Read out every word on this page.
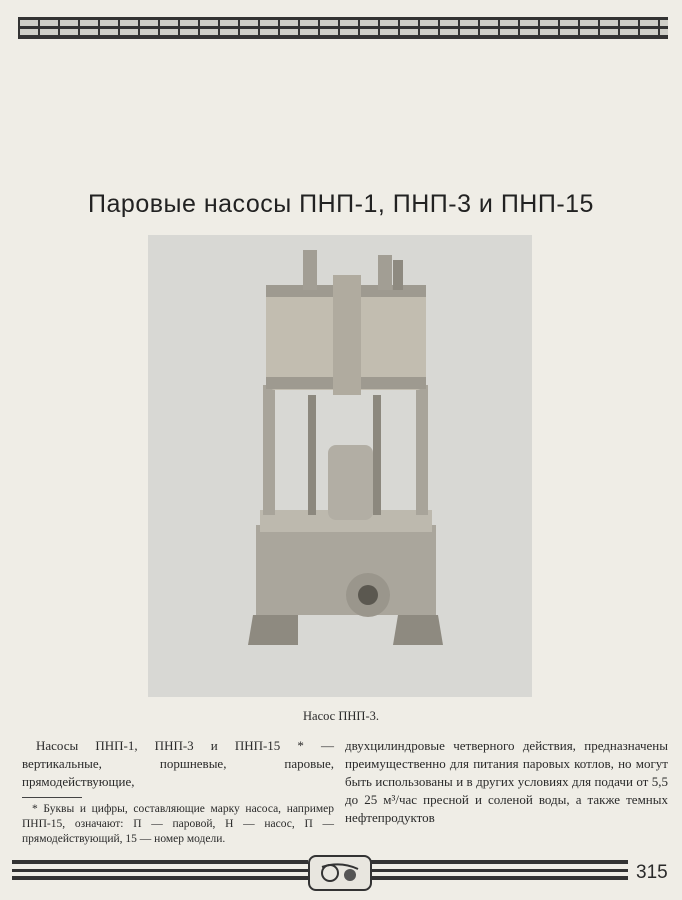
Паровые насосы ПНП-1, ПНП-3 и ПНП-15
Насос ПНП-3.
Насосы ПНП-1, ПНП-3 и ПНП-15 * — вертикальные, поршневые, паровые, прямодействующие,
* Буквы и цифры, составляющие марку насоса, например ПНП-15, означают: П — паровой, Н — насос, П — прямодействующий, 15 — номер модели.
двухцилиндровые четверного действия, предназначены преимущественно для питания паровых котлов, но могут быть использованы и в других условиях для подачи от 5,5 до 25 м³/час пресной и соленой воды, а также темных нефтепродуктов
315
